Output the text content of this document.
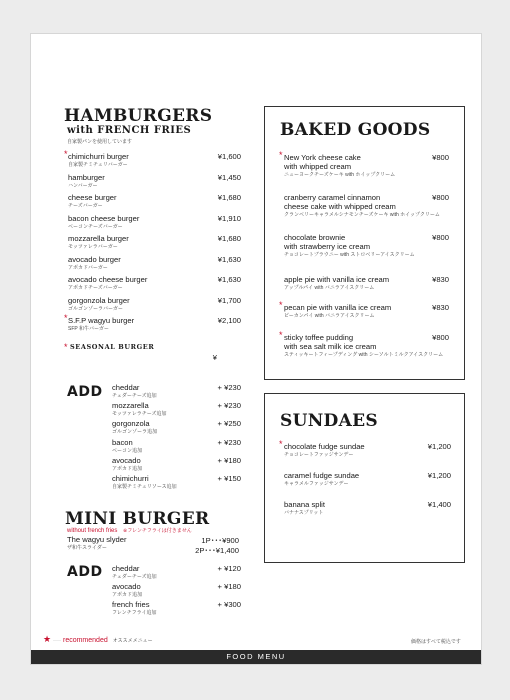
HAMBURGERS
with FRENCH FRIES
自家製パンを使用しています
* chimichurri burger
自家製チミチュリバーガー
¥1,600
hamburger
ハンバーガー
¥1,450
cheese burger
チーズバーガー
¥1,680
bacon cheese burger
ベーコンチーズバーガー
¥1,910
mozzarella burger
モッツァレラバーガー
¥1,680
avocado burger
アボカドバーガー
¥1,630
avocado cheese burger
アボカドチーズバーガー
¥1,630
gorgonzola burger
ゴルゴンゾーラバーガー
¥1,700
* S.F.P wagyu burger
SFP 和牛バーガー
¥2,100
* SEASONAL BURGER
¥
ADD cheddar
チェダーチーズ追加
+ ¥230
mozzarella
モッツァレラチーズ追加
+ ¥230
gorgonzola
ゴルゴンゾーラ追加
+ ¥250
bacon
ベーコン追加
+ ¥230
avocado
アボカド追加
+ ¥180
chimichurri
自家製チミチュリソース追加
+ ¥150
MINI BURGER
without french fries ※フレンチフライは付きません
The wagyu slyder
ザ和牛スライダー
1P･･･¥900
2P･･･¥1,400
ADD cheddar
チェダーチーズ追加
+ ¥120
avocado
アボカド追加
+ ¥180
french fries
フレンチフライ追加
+ ¥300
BAKED GOODS
* New York cheese cake
with whipped cream
ニューヨークチーズケーキ with ホイップクリーム
¥800
cranberry caramel cinnamon
cheese cake with whipped cream
クランベリーキャラメルシナモンチーズケーキ with ホイップクリーム
¥800
chocolate brownie
with strawberry ice cream
チョコレートブラウニー with ストロベリーアイスクリーム
¥800
apple pie with vanilla ice cream
アップルパイ with バニラアイスクリーム
¥830
* pecan pie with vanilla ice cream
ピーカンパイ with バニラアイスクリーム
¥830
* sticky toffee pudding
with sea salt milk ice cream
スティッキートフィープディング with シーソルトミルクアイスクリーム
¥800
SUNDAES
* chocolate fudge sundae
チョコレートファッジサンデー
¥1,200
caramel fudge sundae
キャラメルファッジサンデー
¥1,200
banana split
バナナスプリット
¥1,400
★ ···· recommended オススメメニュー	価格はすべて税込です
FOOD MENU
